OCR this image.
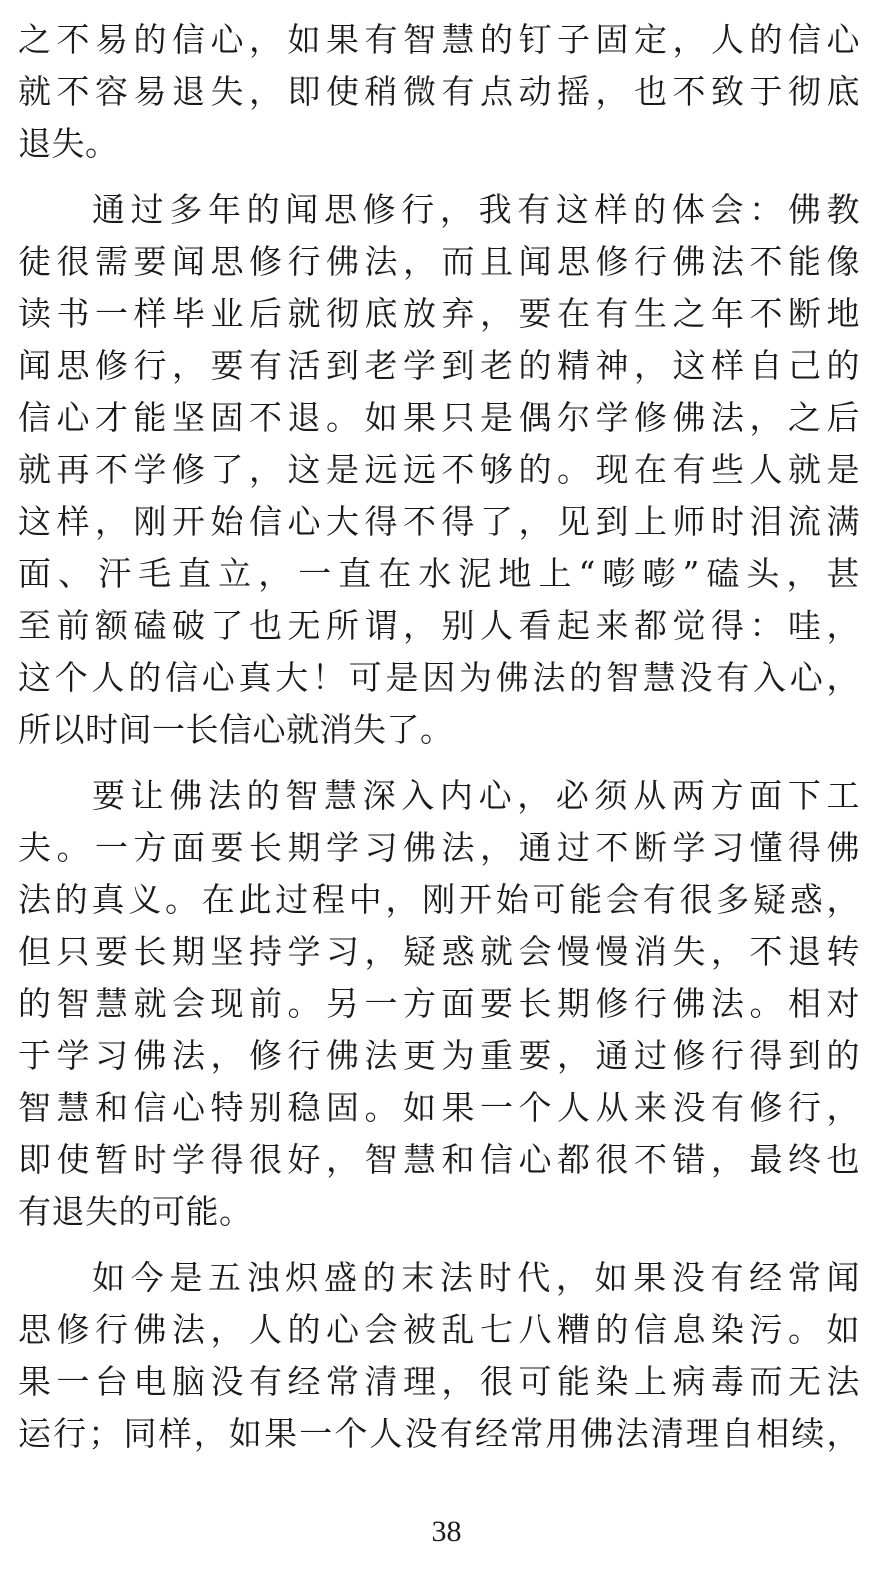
之不易的信心，如果有智慧的钉子固定，人的信心
就不容易退失，即使稍微有点动摇，也不致于彻底
退失。
通过多年的闻思修行，我有这样的体会：佛教
徒很需要闻思修行佛法，而且闻思修行佛法不能像
读书一样毕业后就彻底放弃，要在有生之年不断地
闻思修行，要有活到老学到老的精神，这样自己的
信心才能坚固不退。如果只是偶尔学修佛法，之后
就再不学修了，这是远远不够的。现在有些人就是
这样，刚开始信心大得不得了，见到上师时泪流满
面、汗毛直立，一直在水泥地上“嘭嘭”磕头，甚
至前额磕破了也无所谓，别人看起来都觉得：哇，
这个人的信心真大！可是因为佛法的智慧没有入心，
所以时间一长信心就消失了。
要让佛法的智慧深入内心，必须从两方面下工
夫。一方面要长期学习佛法，通过不断学习懂得佛
法的真义。在此过程中，刚开始可能会有很多疑惑，
但只要长期坚持学习，疑惑就会慢慢消失，不退转
的智慧就会现前。另一方面要长期修行佛法。相对
于学习佛法，修行佛法更为重要，通过修行得到的
智慧和信心特别稳固。如果一个人从来没有修行，
即使暂时学得很好，智慧和信心都很不错，最终也
有退失的可能。
如今是五浊炽盛的末法时代，如果没有经常闻
思修行佛法，人的心会被乱七八糟的信息染污。如
果一台电脑没有经常清理，很可能染上病毒而无法
运行；同样，如果一个人没有经常用佛法清理自相续，
38
